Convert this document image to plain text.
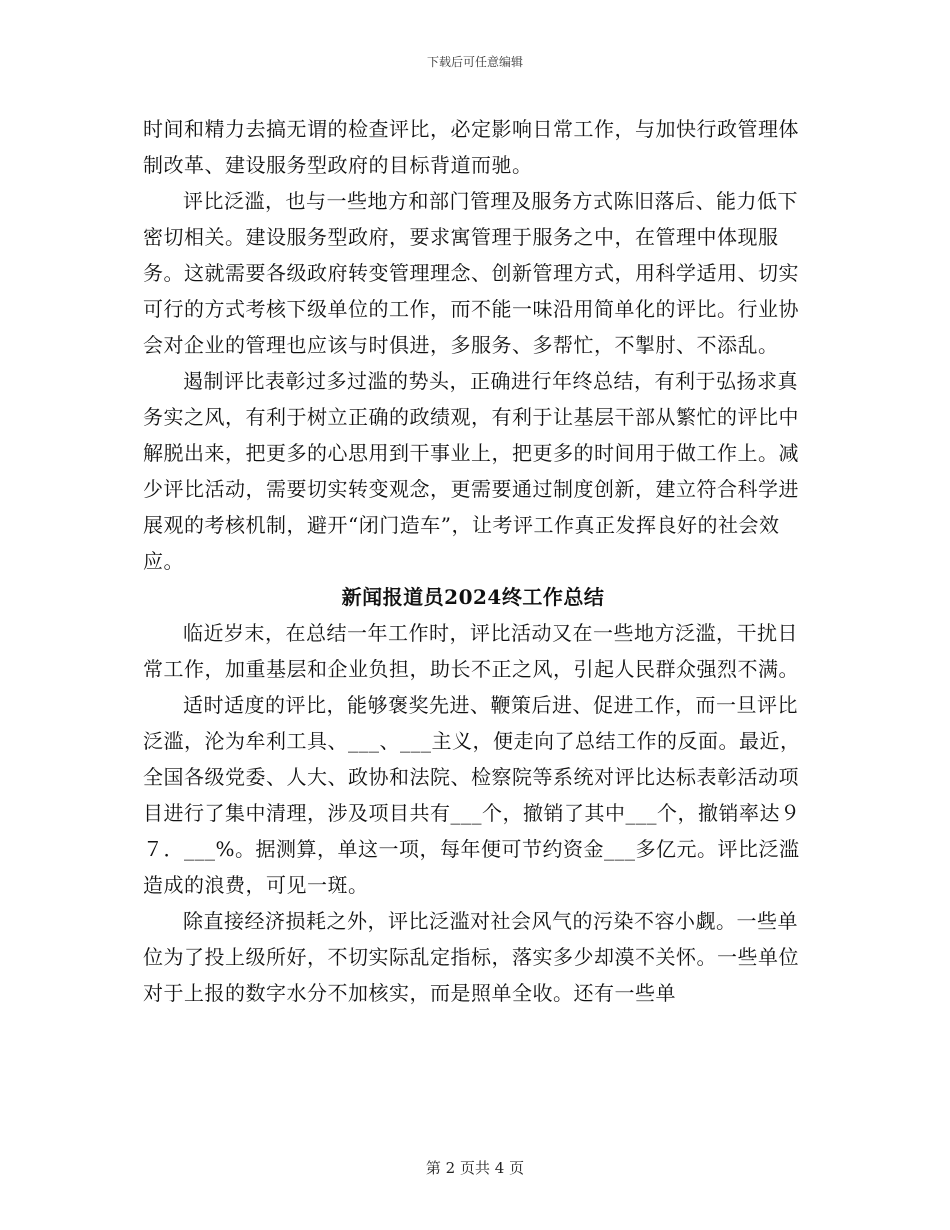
下载后可任意编辑

时间和精力去搞无谓的检查评比，必定影响日常工作，与加快行政管理体制改革、建设服务型政府的目标背道而驰。

评比泛滥，也与一些地方和部门管理及服务方式陈旧落后、能力低下密切相关。建设服务型政府，要求寓管理于服务之中，在管理中体现服务。这就需要各级政府转变管理理念、创新管理方式，用科学适用、切实可行的方式考核下级单位的工作，而不能一味沿用简单化的评比。行业协会对企业的管理也应该与时俱进，多服务、多帮忙，不掣肘、不添乱。

遏制评比表彰过多过滥的势头，正确进行年终总结，有利于弘扬求真务实之风，有利于树立正确的政绩观，有利于让基层干部从繁忙的评比中解脱出来，把更多的心思用到干事业上，把更多的时间用于做工作上。减少评比活动，需要切实转变观念，更需要通过制度创新，建立符合科学进展观的考核机制，避开“闭门造车”，让考评工作真正发挥良好的社会效应。

新闻报道员2024终工作总结

临近岁末，在总结一年工作时，评比活动又在一些地方泛滥，干扰日常工作，加重基层和企业负担，助长不正之风，引起人民群众强烈不满。

适时适度的评比，能够褒奖先进、鞭策后进、促进工作，而一旦评比泛滥，沦为牟利工具、___、___主义，便走向了总结工作的反面。最近，全国各级党委、人大、政协和法院、检察院等系统对评比达标表彰活动项目进行了集中清理，涉及项目共有___个，撤销了其中___个，撤销率达９７．___%。据测算，单这一项，每年便可节约资金___多亿元。评比泛滥造成的浪费，可见一斑。

除直接经济损耗之外，评比泛滥对社会风气的污染不容小觑。一些单位为了投上级所好，不切实际乱定指标，落实多少却漠不关怀。一些单位对于上报的数字水分不加核实，而是照单全收。还有一些单

第 2 页共 4 页
